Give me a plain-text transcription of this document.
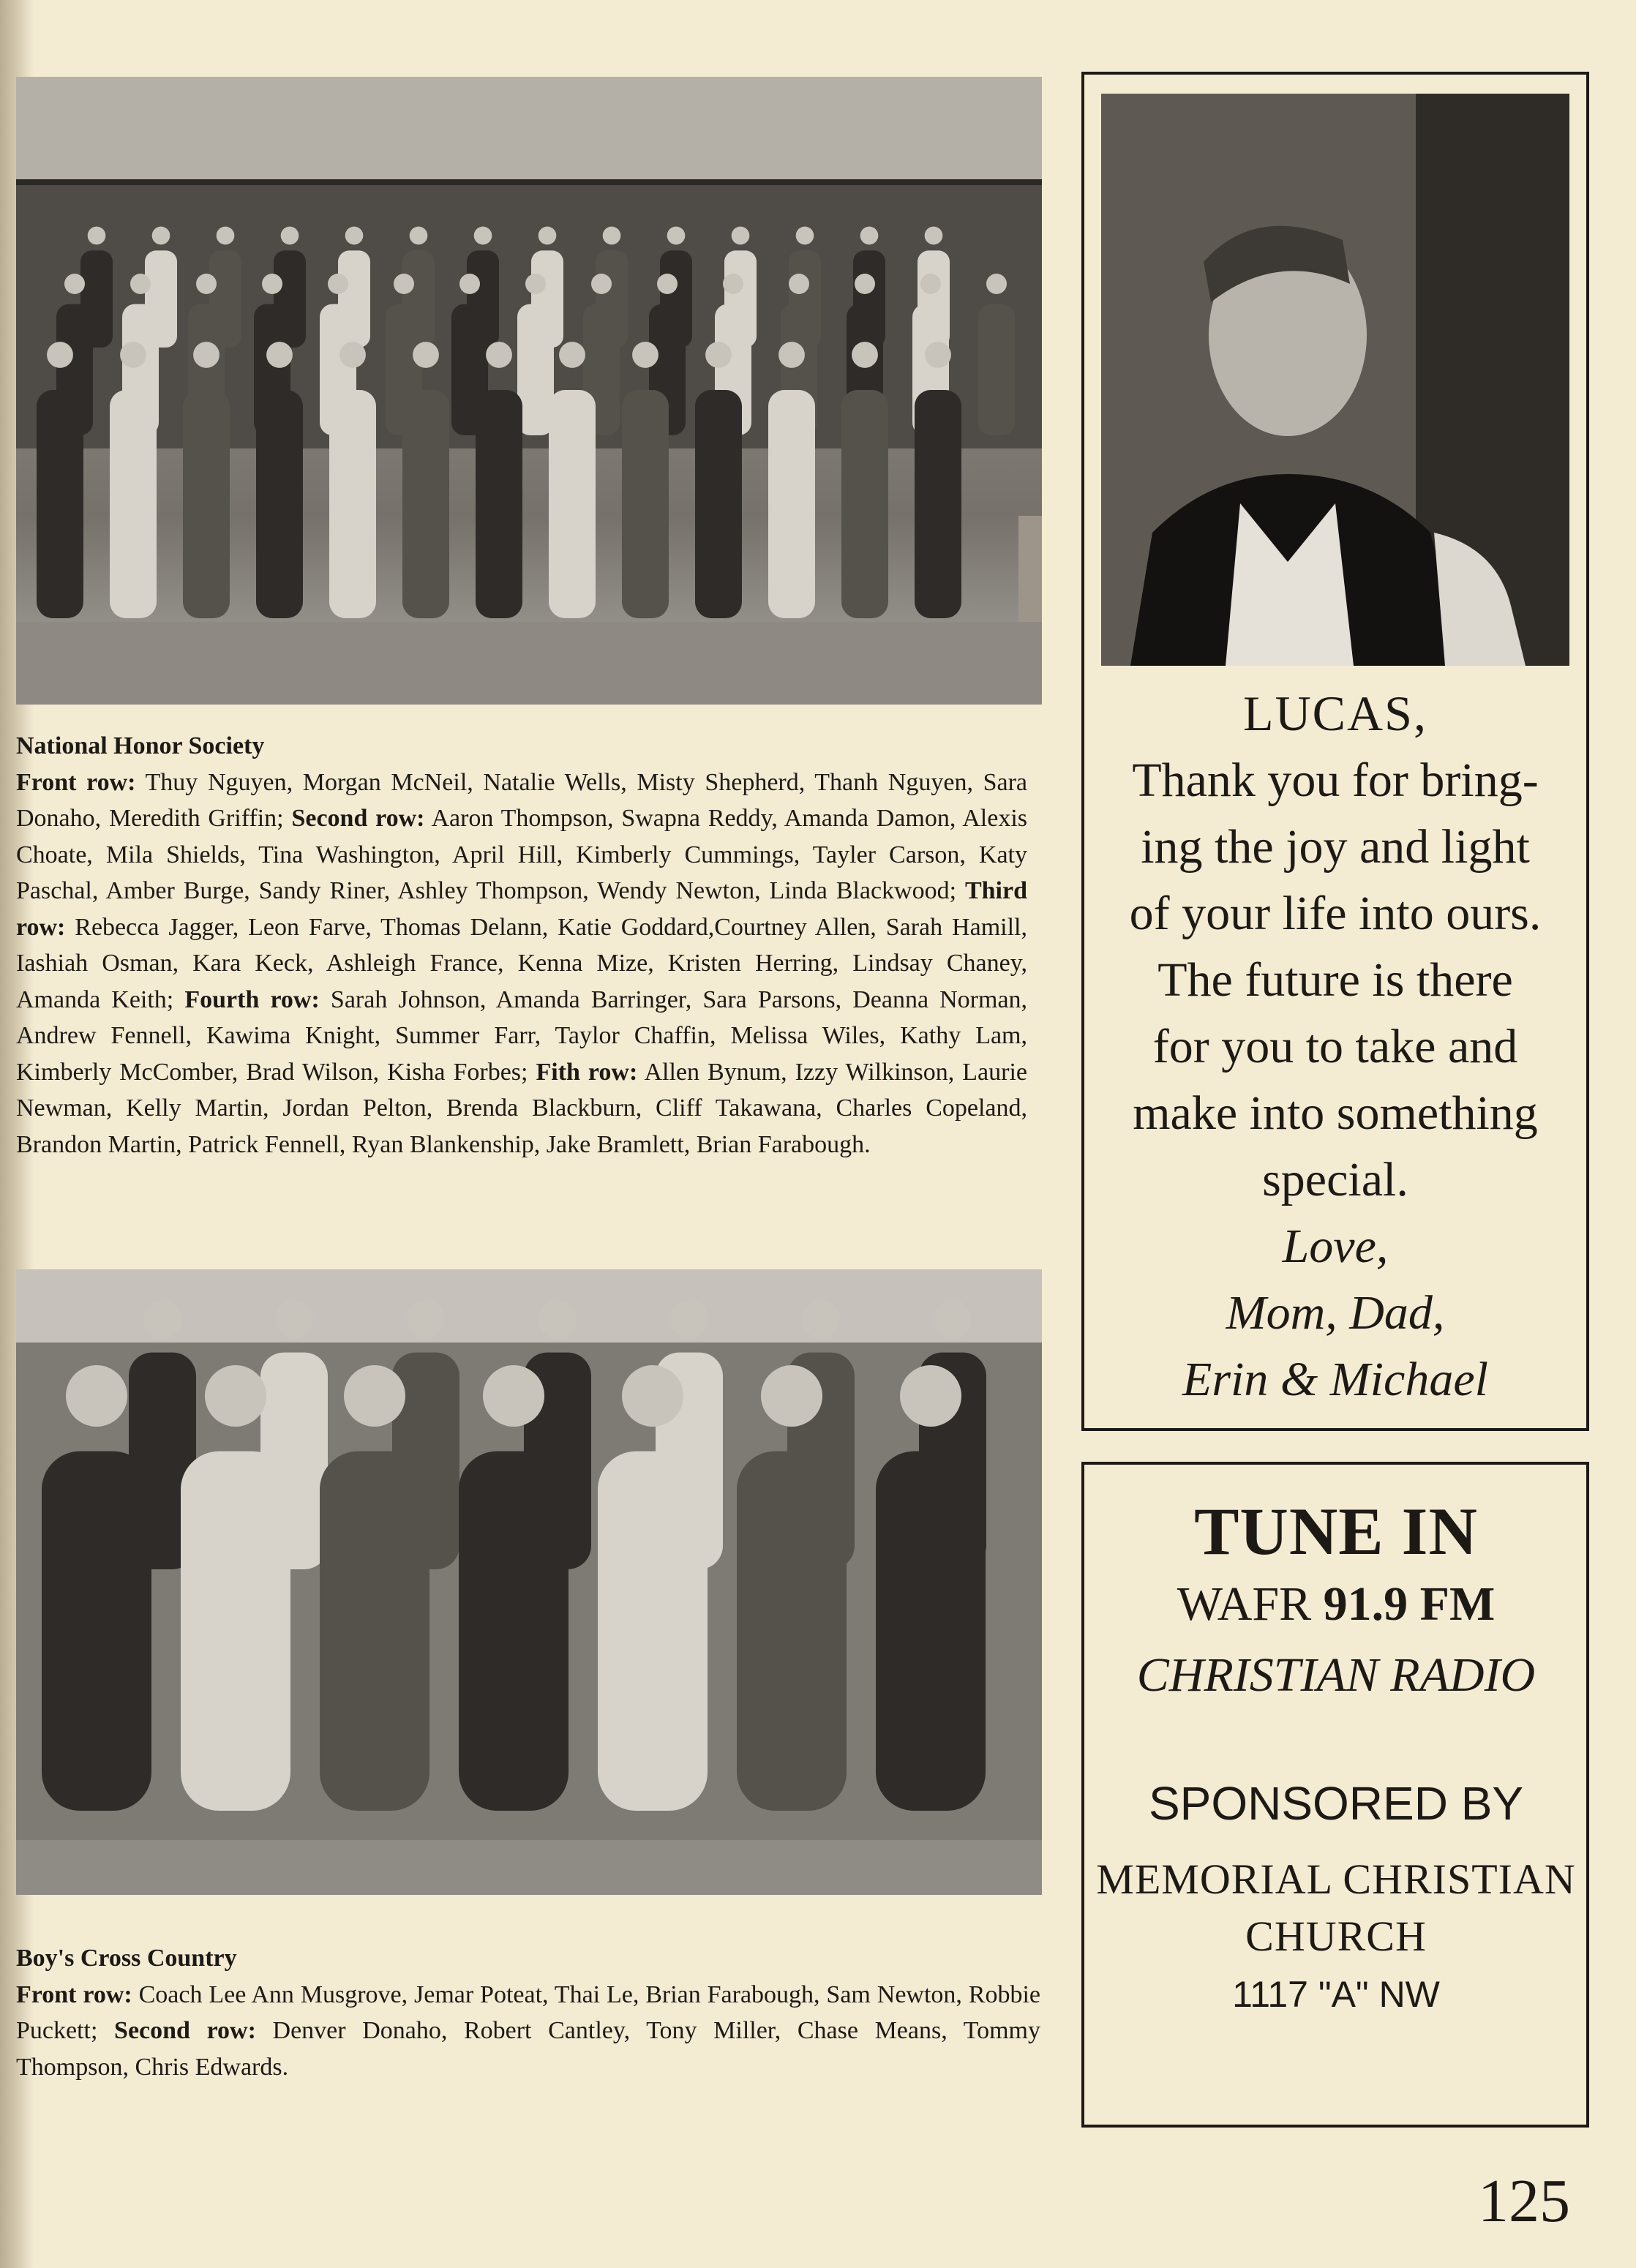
National Honor Society
Front row: Thuy Nguyen, Morgan McNeil, Natalie Wells, Misty Shepherd, Thanh Nguyen, Sara Donaho, Meredith Griffin; Second row: Aaron Thompson, Swapna Reddy, Amanda Damon, Alexis Choate, Mila Shields, Tina Washington, April Hill, Kimberly Cummings, Tayler Carson, Katy Paschal, Amber Burge, Sandy Riner, Ashley Thompson, Wendy Newton, Linda Blackwood; Third row: Rebecca Jagger, Leon Farve, Thomas Delann, Katie Goddard,Courtney Allen, Sarah Hamill, Iashiah Osman, Kara Keck, Ashleigh France, Kenna Mize, Kristen Herring, Lindsay Chaney, Amanda Keith; Fourth row: Sarah Johnson, Amanda Barringer, Sara Parsons, Deanna Norman, Andrew Fennell, Kawima Knight, Summer Farr, Taylor Chaffin, Melissa Wiles, Kathy Lam, Kimberly McComber, Brad Wilson, Kisha Forbes; Fith row: Allen Bynum, Izzy Wilkinson, Laurie Newman, Kelly Martin, Jordan Pelton, Brenda Blackburn, Cliff Takawana, Charles Copeland, Brandon Martin, Patrick Fennell, Ryan Blankenship, Jake Bramlett, Brian Farabough.
Boy's Cross Country
Front row: Coach Lee Ann Musgrove, Jemar Poteat, Thai Le, Brian Farabough, Sam Newton, Robbie Puckett; Second row: Denver Donaho, Robert Cantley, Tony Miller, Chase Means, Tommy Thompson, Chris Edwards.
LUCAS,
Thank you for bring-
ing the joy and light
of your life into ours.
The future is there
for you to take and
make into something
special.
Love,
Mom, Dad,
Erin & Michael
TUNE IN
WAFR 91.9 FM
CHRISTIAN RADIO
SPONSORED BY
MEMORIAL CHRISTIAN
CHURCH
1117 "A" NW
125
